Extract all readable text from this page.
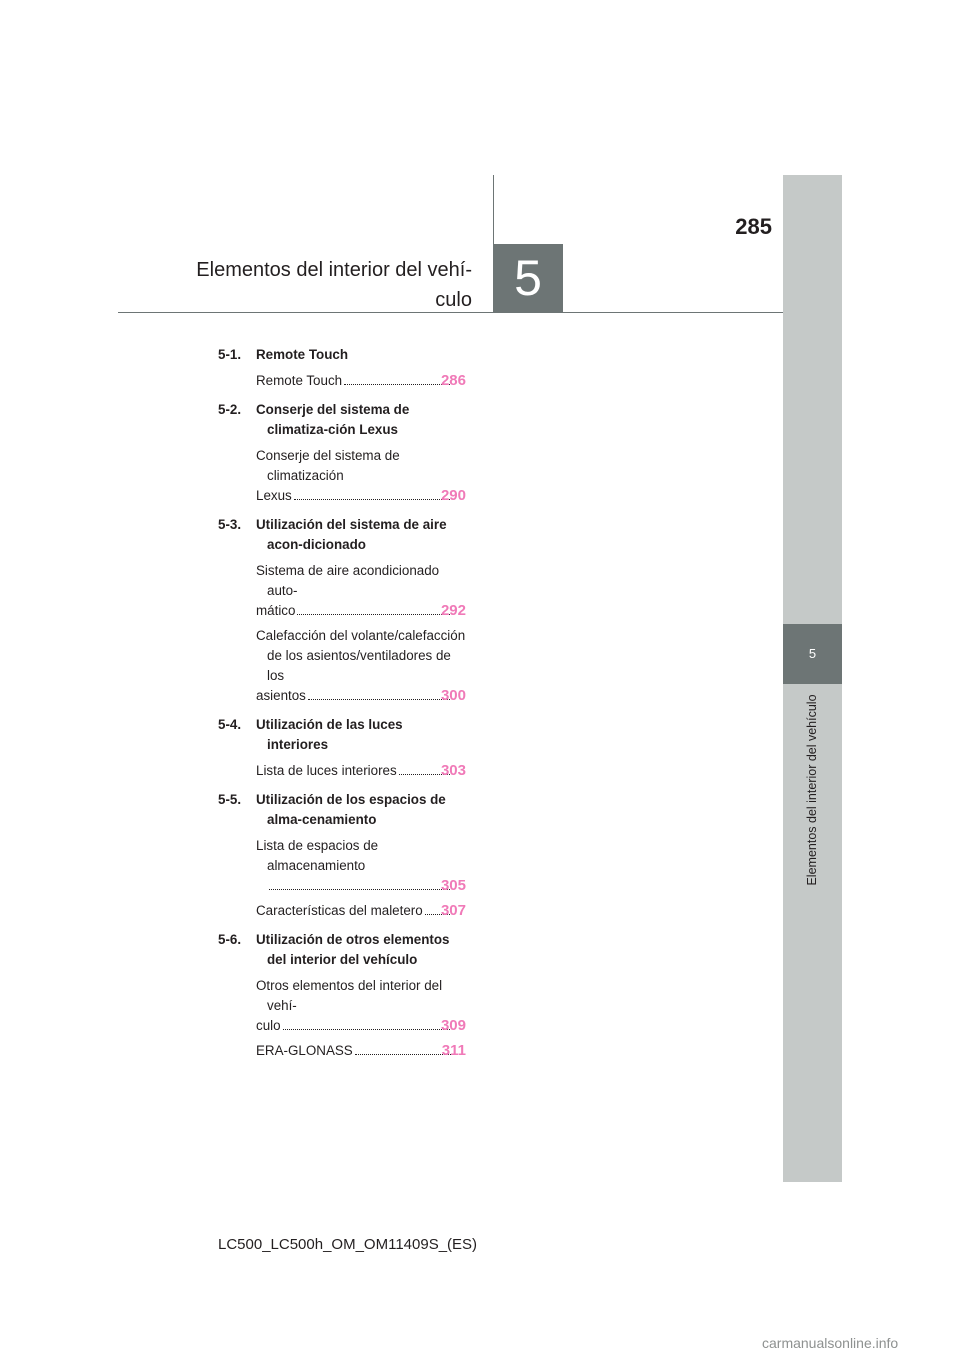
285
Elementos del interior del vehí-
culo 5
5
Elementos del interior del vehículo
5-1.	Remote Touch
Remote Touch	286
5-2.	Conserje del sistema de climatiza-ción Lexus
Conserje del sistema de climatización
Lexus	290
5-3.	Utilización del sistema de aire acon-dicionado
Sistema de aire acondicionado auto-
mático	292
Calefacción del volante/calefacción de los asientos/ventiladores de los
asientos	300
5-4.	Utilización de las luces interiores
Lista de luces interiores	303
5-5.	Utilización de los espacios de alma-cenamiento
Lista de espacios de almacenamiento
305
Características del maletero 307
5-6.	Utilización de otros elementos del interior del vehículo
Otros elementos del interior del vehí-
culo	309
ERA-GLONASS	311
LC500_LC500h_OM_OM11409S_(ES)
carmanualsonline.info
